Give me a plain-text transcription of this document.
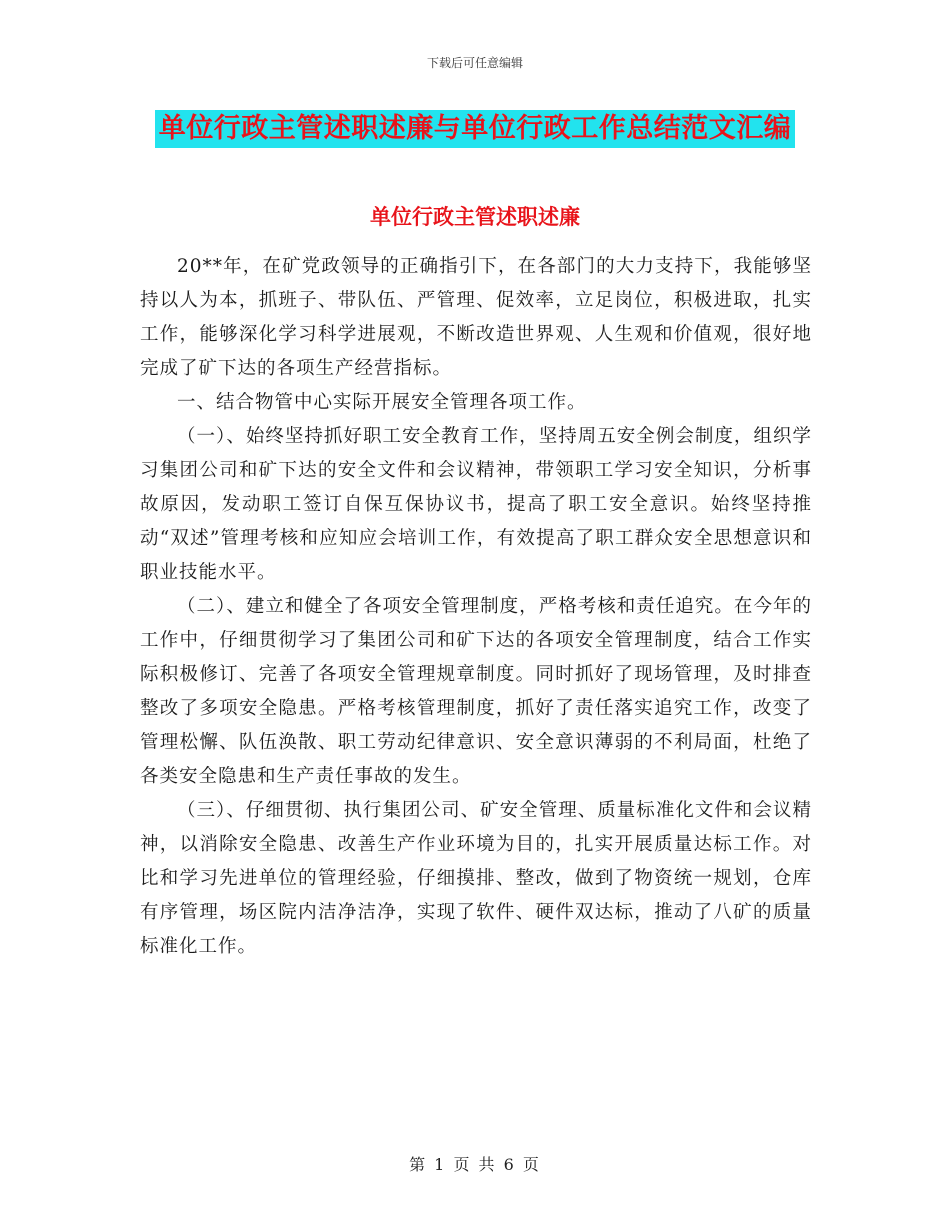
下载后可任意编辑
单位行政主管述职述廉与单位行政工作总结范文汇编
单位行政主管述职述廉

20**年，在矿党政领导的正确指引下，在各部门的大力支持下，我能够坚持以人为本，抓班子、带队伍、严管理、促效率，立足岗位，积极进取，扎实工作，能够深化学习科学进展观，不断改造世界观、人生观和价值观，很好地完成了矿下达的各项生产经营指标。

一、结合物管中心实际开展安全管理各项工作。

（一）、始终坚持抓好职工安全教育工作，坚持周五安全例会制度，组织学习集团公司和矿下达的安全文件和会议精神，带领职工学习安全知识，分析事故原因，发动职工签订自保互保协议书，提高了职工安全意识。始终坚持推动“双述”管理考核和应知应会培训工作，有效提高了职工群众安全思想意识和职业技能水平。

（二）、建立和健全了各项安全管理制度，严格考核和责任追究。在今年的工作中，仔细贯彻学习了集团公司和矿下达的各项安全管理制度，结合工作实际积极修订、完善了各项安全管理规章制度。同时抓好了现场管理，及时排查整改了多项安全隐患。严格考核管理制度，抓好了责任落实追究工作，改变了管理松懈、队伍涣散、职工劳动纪律意识、安全意识薄弱的不利局面，杜绝了各类安全隐患和生产责任事故的发生。

（三）、仔细贯彻、执行集团公司、矿安全管理、质量标准化文件和会议精神，以消除安全隐患、改善生产作业环境为目的，扎实开展质量达标工作。对比和学习先进单位的管理经验，仔细摸排、整改，做到了物资统一规划，仓库有序管理，场区院内洁净洁净，实现了软件、硬件双达标，推动了八矿的质量标准化工作。

第 1 页 共 6 页
